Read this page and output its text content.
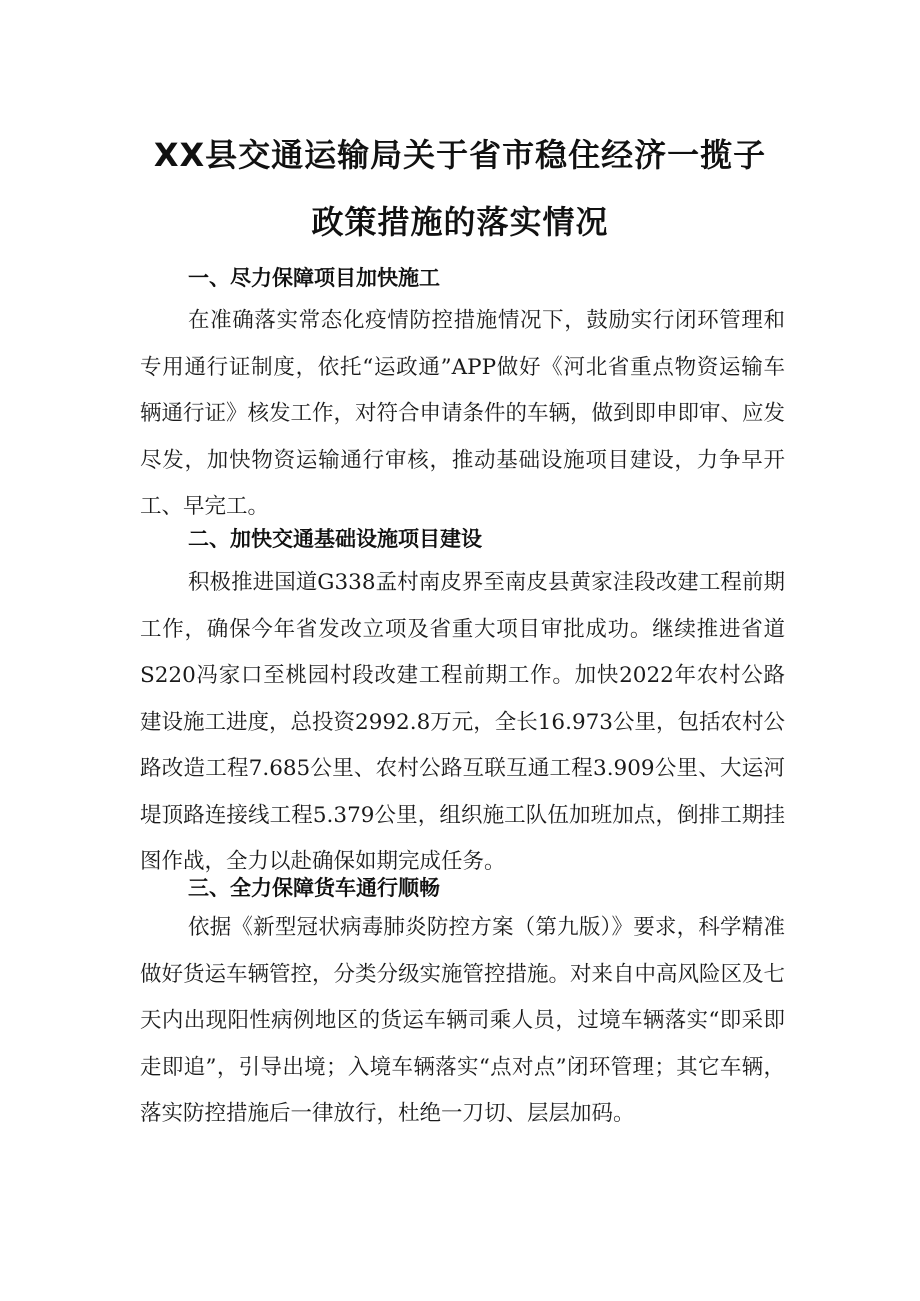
XX县交通运输局关于省市稳住经济一揽子
政策措施的落实情况
一、尽力保障项目加快施工

在准确落实常态化疫情防控措施情况下，鼓励实行闭环管理和专用通行证制度，依托“运政通”APP做好《河北省重点物资运输车辆通行证》核发工作，对符合申请条件的车辆，做到即申即审、应发尽发，加快物资运输通行审核，推动基础设施项目建设，力争早开工、早完工。

二、加快交通基础设施项目建设

积极推进国道G338孟村南皮界至南皮县黄家洼段改建工程前期工作，确保今年省发改立项及省重大项目审批成功。继续推进省道S220冯家口至桃园村段改建工程前期工作。加快2022年农村公路建设施工进度，总投资2992.8万元，全长16.973公里，包括农村公路改造工程7.685公里、农村公路互联互通工程3.909公里、大运河堤顶路连接线工程5.379公里，组织施工队伍加班加点，倒排工期挂图作战，全力以赴确保如期完成任务。

三、全力保障货车通行顺畅

依据《新型冠状病毒肺炎防控方案（第九版）》要求，科学精准做好货运车辆管控，分类分级实施管控措施。对来自中高风险区及七天内出现阳性病例地区的货运车辆司乘人员，过境车辆落实“即采即走即追”，引导出境；入境车辆落实“点对点”闭环管理；其它车辆，落实防控措施后一律放行，杜绝一刀切、层层加码。
